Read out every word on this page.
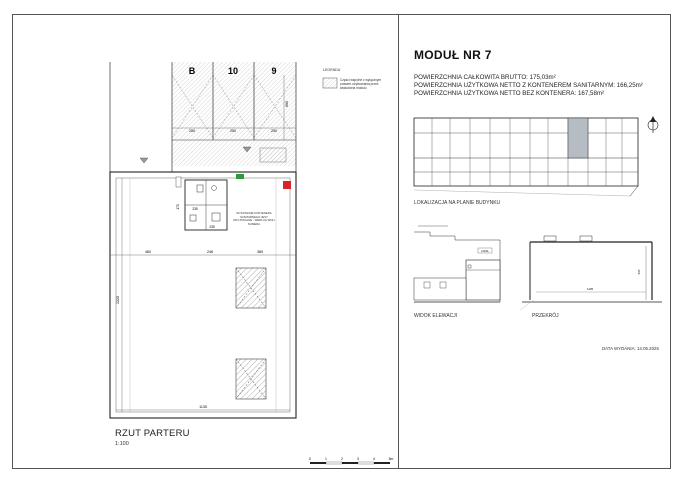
B	10	9
250	250	250
600
235
170	235
460	246	389
1320
1135
0	1	2	3	4	5m
LOKAL
1135
520
LEGENDA
Części wspólne z wyłącznym prawem użytkowania przez właściciela modułu
WYKONANIE KONTENERA SANITARNEGO JEST OPCJONALNE - WEDŁUG WOLI NUMERA
MODUŁ NR 7
POWIERZCHNIA CAŁKOWITA BRUTTO: 175,03m²
POWIERZCHNIA UŻYTKOWA NETTO Z KONTENEREM SANITARNYM: 166,25m²
POWIERZCHNIA UŻYTKOWA NETTO BEZ KONTENERA: 167,58m²
LOKALIZACJA NA PLANIE BUDYNKU
WIDOK ELEWACJI	PRZEKRÓJ
DATA WYDANIA: 14.05.2026
RZUT PARTERU
1:100
